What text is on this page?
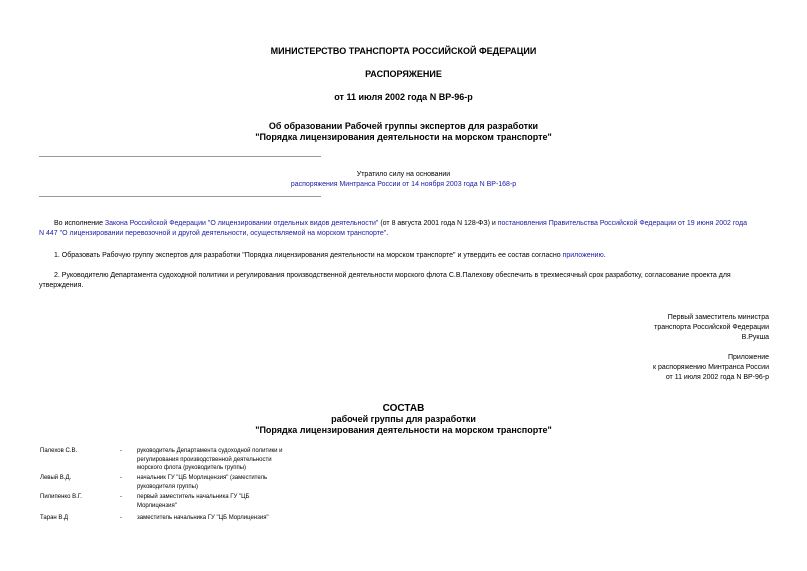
МИНИСТЕРСТВО ТРАНСПОРТА РОССИЙСКОЙ ФЕДЕРАЦИИ
РАСПОРЯЖЕНИЕ
от 11 июля 2002 года N ВР-96-р
Об образовании Рабочей группы экспертов для разработки
"Порядка лицензирования деятельности на морском транспорте"
Утратило силу на основании
распоряжения Минтранса России от 14 ноября 2003 года N ВР-168-р
Во исполнение Закона Российской Федерации "О лицензировании отдельных видов деятельности" (от 8 августа 2001 года N 128-ФЗ) и постановления Правительства Российской Федерации от 19 июня 2002 года
N 447 "О лицензировании перевозочной и другой деятельности, осуществляемой на морском транспорте".
1. Образовать Рабочую группу экспертов для разработки "Порядка лицензирования деятельности на морском транспорте" и утвердить ее состав согласно приложению.
2. Руководителю Департамента судоходной политики и регулирования производственной деятельности морского флота С.В.Палехову обеспечить в трехмесячный срок разработку, согласование проекта для
утверждения.
Первый заместитель министра
транспорта Российской Федерации
В.Рукша
Приложение
к распоряжению Минтранса России
от 11 июля 2002 года N ВР-96-р
СОСТАВ
рабочей группы для разработки
"Порядка лицензирования деятельности на морском транспорте"
Палехов С.В.	-	руководитель Департамента судоходной политики и
регулирования производственной деятельности
морского флота (руководитель группы)
Левый В.Д.	-	начальник ГУ "ЦБ Морлицензия" (заместитель
руководителя группы)
Пилипенко В.Г.	-	первый заместитель начальника ГУ "ЦБ
Морлицензия"
Таран В.Д	-	заместитель начальника ГУ "ЦБ Морлицензия"
